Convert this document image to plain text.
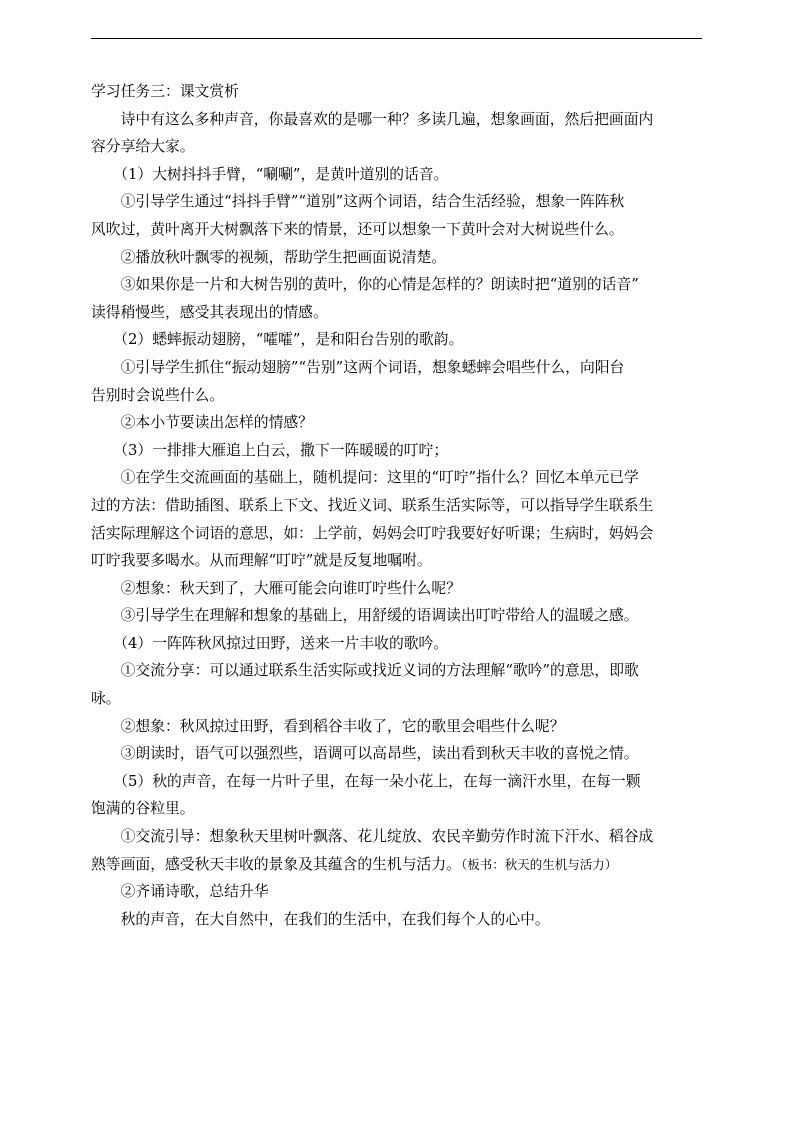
学习任务三：课文赏析

诗中有这么多种声音，你最喜欢的是哪一种？多读几遍，想象画面，然后把画面内

容分享给大家。

（1）大树抖抖手臂，“唰唰”，是黄叶道别的话音。

①引导学生通过“抖抖手臂”“道别”这两个词语，结合生活经验，想象一阵阵秋

风吹过，黄叶离开大树飘落下来的情景，还可以想象一下黄叶会对大树说些什么。

②播放秋叶飘零的视频，帮助学生把画面说清楚。

③如果你是一片和大树告别的黄叶，你的心情是怎样的？朗读时把“道别的话音”

读得稍慢些，感受其表现出的情感。

（2）蟋蟀振动翅膀，“嚯嚯”，是和阳台告别的歌韵。

①引导学生抓住“振动翅膀”“告别”这两个词语，想象蟋蟀会唱些什么，向阳台

告别时会说些什么。

②本小节要读出怎样的情感？

（3）一排排大雁追上白云，撒下一阵暖暖的叮咛；

①在学生交流画面的基础上，随机提问：这里的“叮咛”指什么？回忆本单元已学

过的方法：借助插图、联系上下文、找近义词、联系生活实际等，可以指导学生联系生

活实际理解这个词语的意思，如：上学前，妈妈会叮咛我要好好听课；生病时，妈妈会

叮咛我要多喝水。从而理解“叮咛”就是反复地嘱咐。

②想象：秋天到了，大雁可能会向谁叮咛些什么呢？

③引导学生在理解和想象的基础上，用舒缓的语调读出叮咛带给人的温暖之感。

（4）一阵阵秋风掠过田野，送来一片丰收的歌吟。

①交流分享：可以通过联系生活实际或找近义词的方法理解“歌吟”的意思，即歌

咏。

②想象：秋风掠过田野，看到稻谷丰收了，它的歌里会唱些什么呢？

③朗读时，语气可以强烈些，语调可以高昂些，读出看到秋天丰收的喜悦之情。

（5）秋的声音，在每一片叶子里，在每一朵小花上，在每一滴汗水里，在每一颗

饱满的谷粒里。

①交流引导：想象秋天里树叶飘落、花儿绽放、农民辛勤劳作时流下汗水、稻谷成

熟等画面，感受秋天丰收的景象及其蕴含的生机与活力。（板书：秋天的生机与活力）

②齐诵诗歌，总结升华

秋的声音，在大自然中，在我们的生活中，在我们每个人的心中。
